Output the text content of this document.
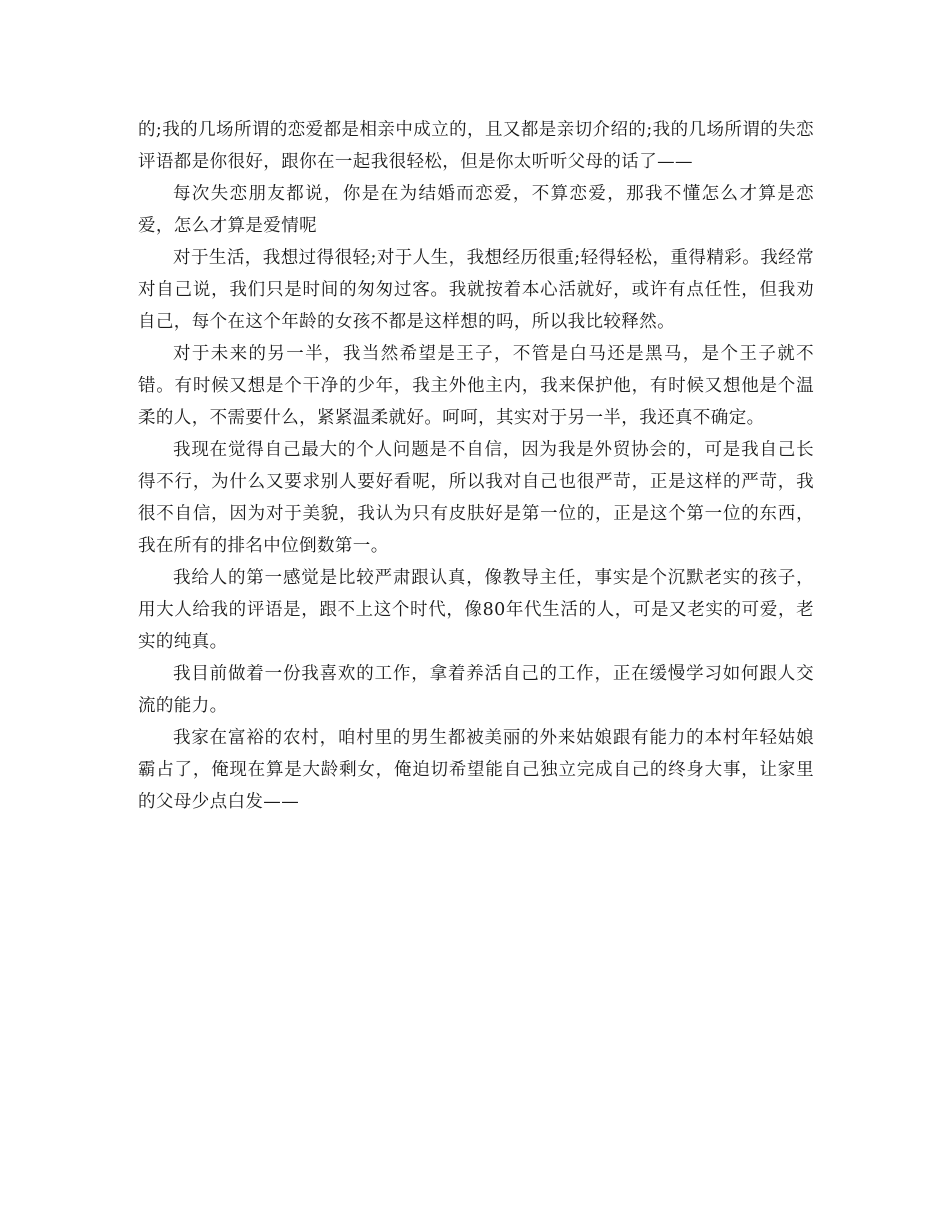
的;我的几场所谓的恋爱都是相亲中成立的，且又都是亲切介绍的;我的几场所谓的失恋评语都是你很好，跟你在一起我很轻松，但是你太听听父母的话了——

每次失恋朋友都说，你是在为结婚而恋爱，不算恋爱，那我不懂怎么才算是恋爱，怎么才算是爱情呢

对于生活，我想过得很轻;对于人生，我想经历很重;轻得轻松，重得精彩。我经常对自己说，我们只是时间的匆匆过客。我就按着本心活就好，或许有点任性，但我劝自己，每个在这个年龄的女孩不都是这样想的吗，所以我比较释然。

对于未来的另一半，我当然希望是王子，不管是白马还是黑马，是个王子就不错。有时候又想是个干净的少年，我主外他主内，我来保护他，有时候又想他是个温柔的人，不需要什么，紧紧温柔就好。呵呵，其实对于另一半，我还真不确定。

我现在觉得自己最大的个人问题是不自信，因为我是外贸协会的，可是我自己长得不行，为什么又要求别人要好看呢，所以我对自己也很严苛，正是这样的严苛，我很不自信，因为对于美貌，我认为只有皮肤好是第一位的，正是这个第一位的东西，我在所有的排名中位倒数第一。

我给人的第一感觉是比较严肃跟认真，像教导主任，事实是个沉默老实的孩子，用大人给我的评语是，跟不上这个时代，像80年代生活的人，可是又老实的可爱，老实的纯真。

我目前做着一份我喜欢的工作，拿着养活自己的工作，正在缓慢学习如何跟人交流的能力。

我家在富裕的农村，咱村里的男生都被美丽的外来姑娘跟有能力的本村年轻姑娘霸占了，俺现在算是大龄剩女，俺迫切希望能自己独立完成自己的终身大事，让家里的父母少点白发——
